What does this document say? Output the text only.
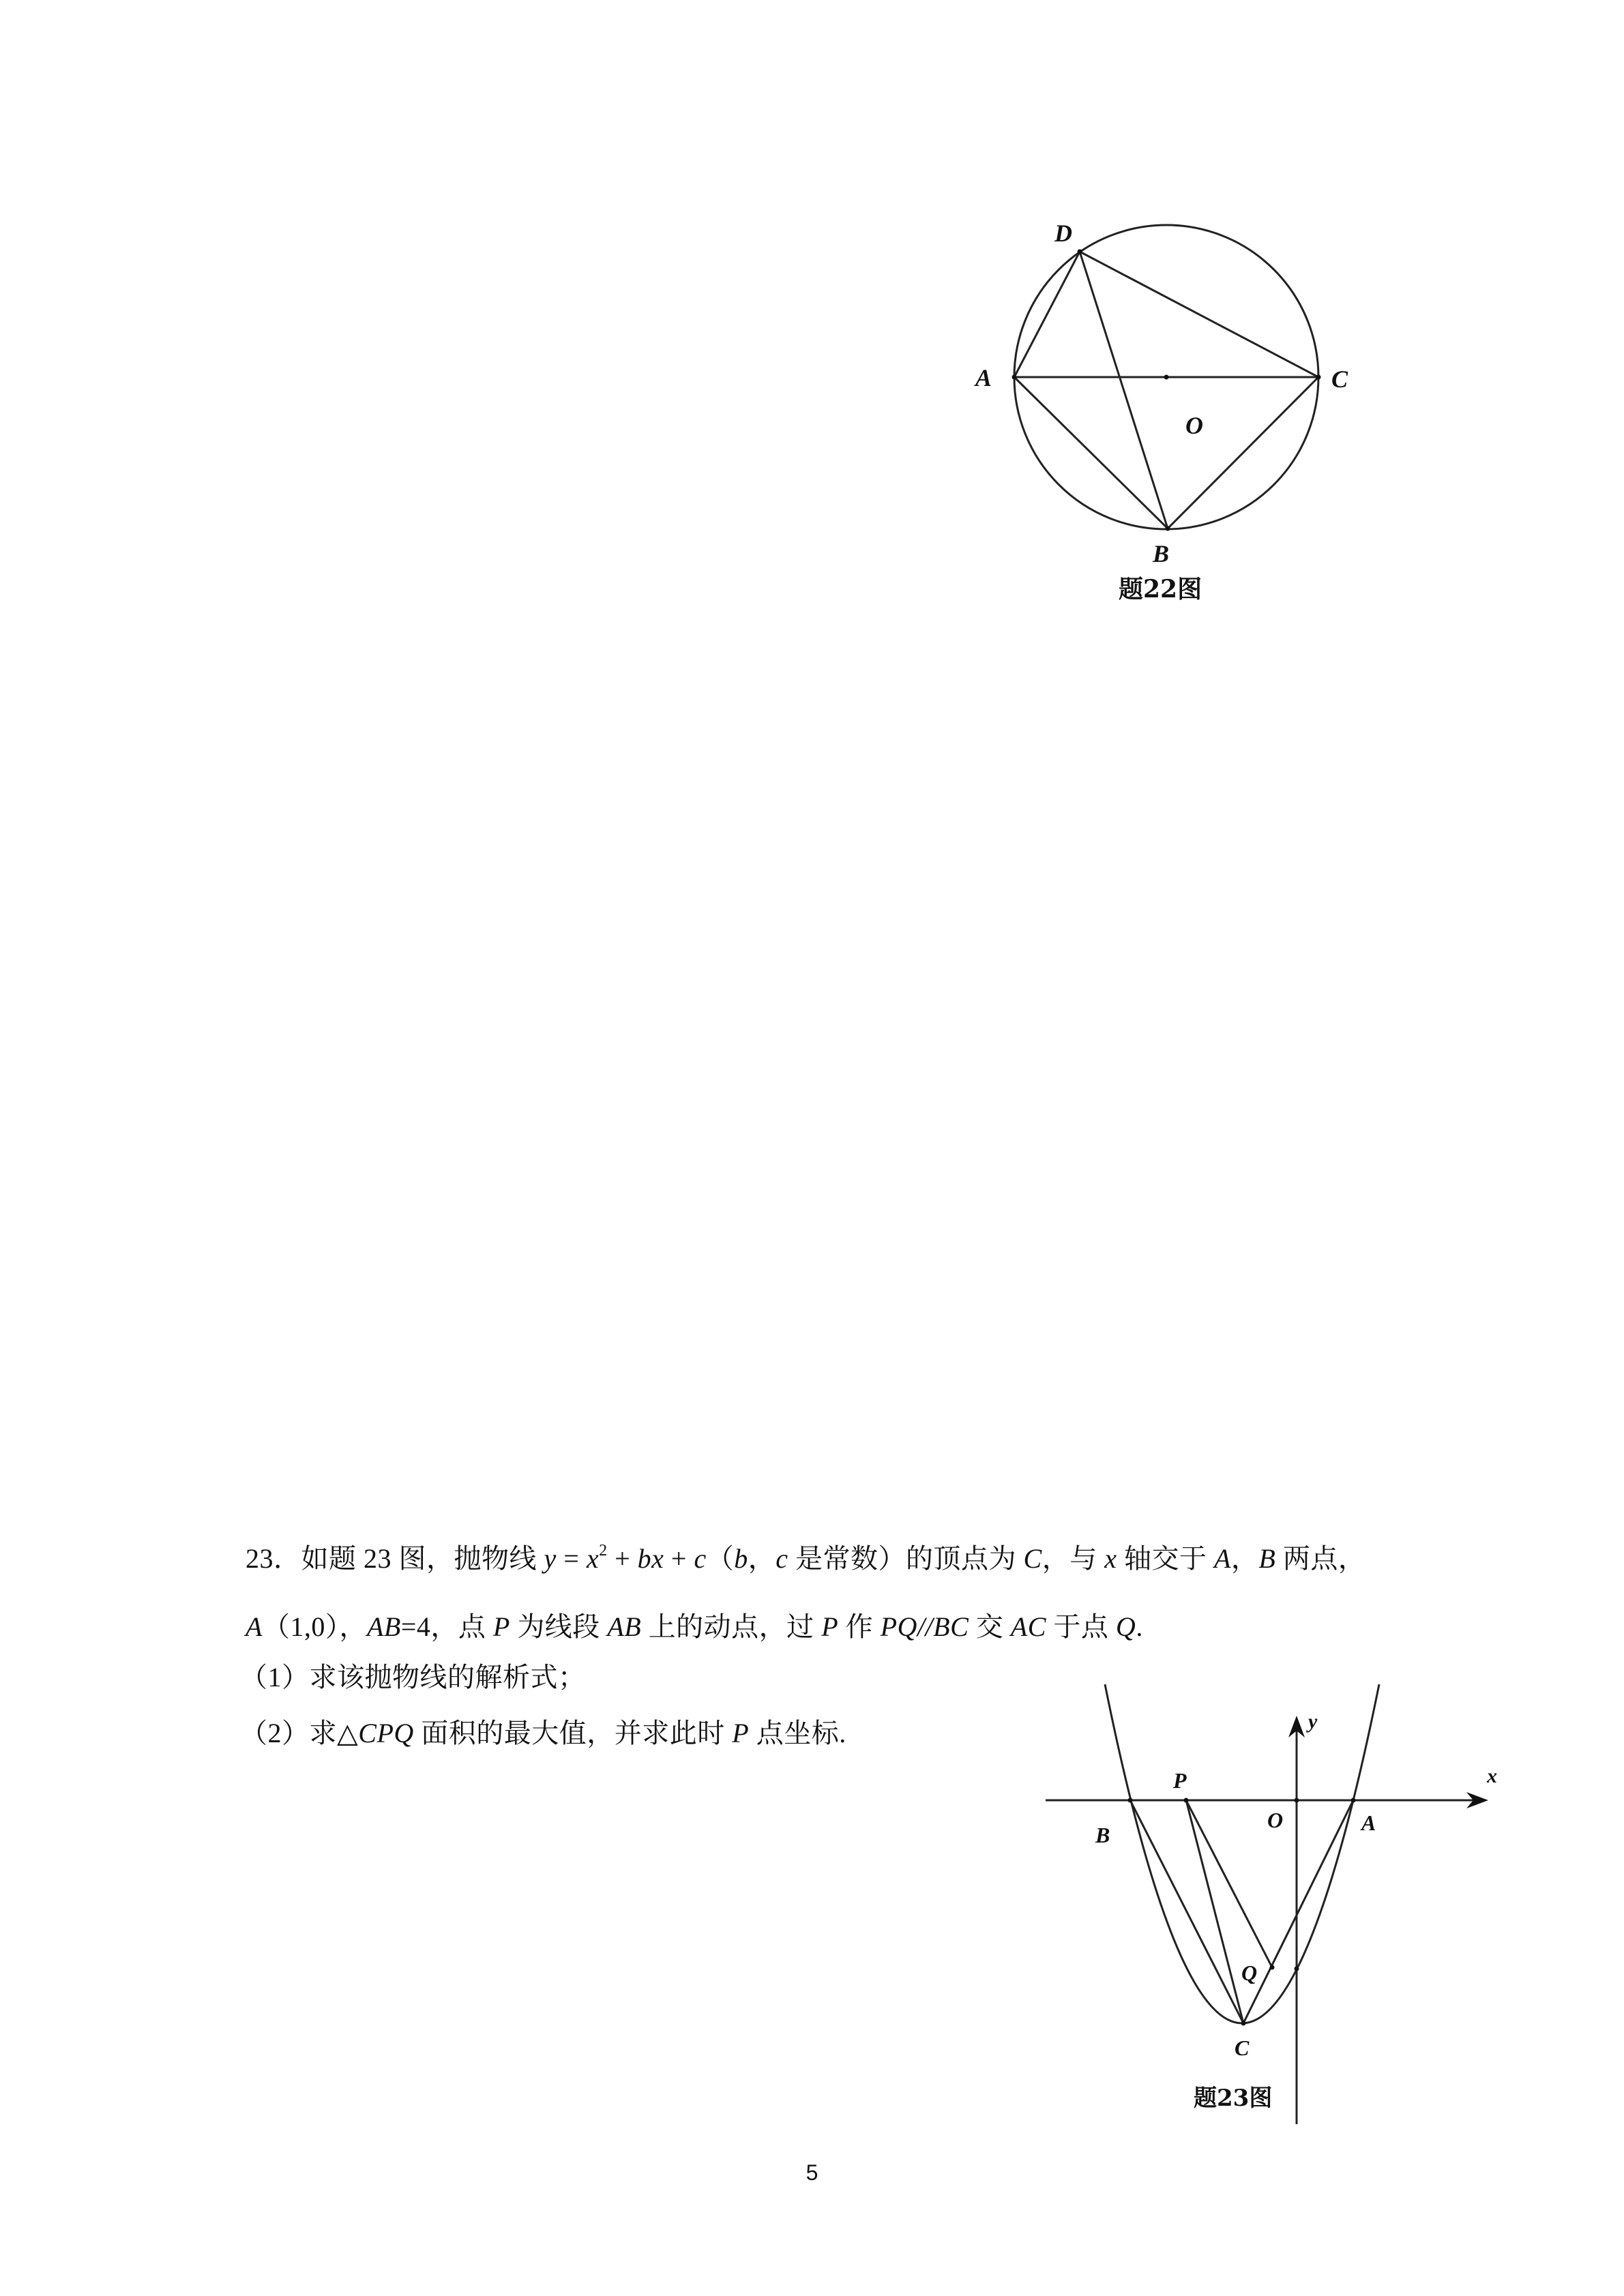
D
A	C
O
B
题22图
y
x
P
O	A
B
Q
C
题23图
23．如题 23 图，抛物线 $y = x^2$ + bx + c（b，c 是常数）的顶点为 C，与 x 轴交于 A，B 两点，
A（1,0），AB=4，点 P 为线段 AB 上的动点，过 P 作 PQ//BC 交 AC 于点 Q.
（1）求该抛物线的解析式；
（2）求△CPQ 面积的最大值，并求此时 P 点坐标.
5
